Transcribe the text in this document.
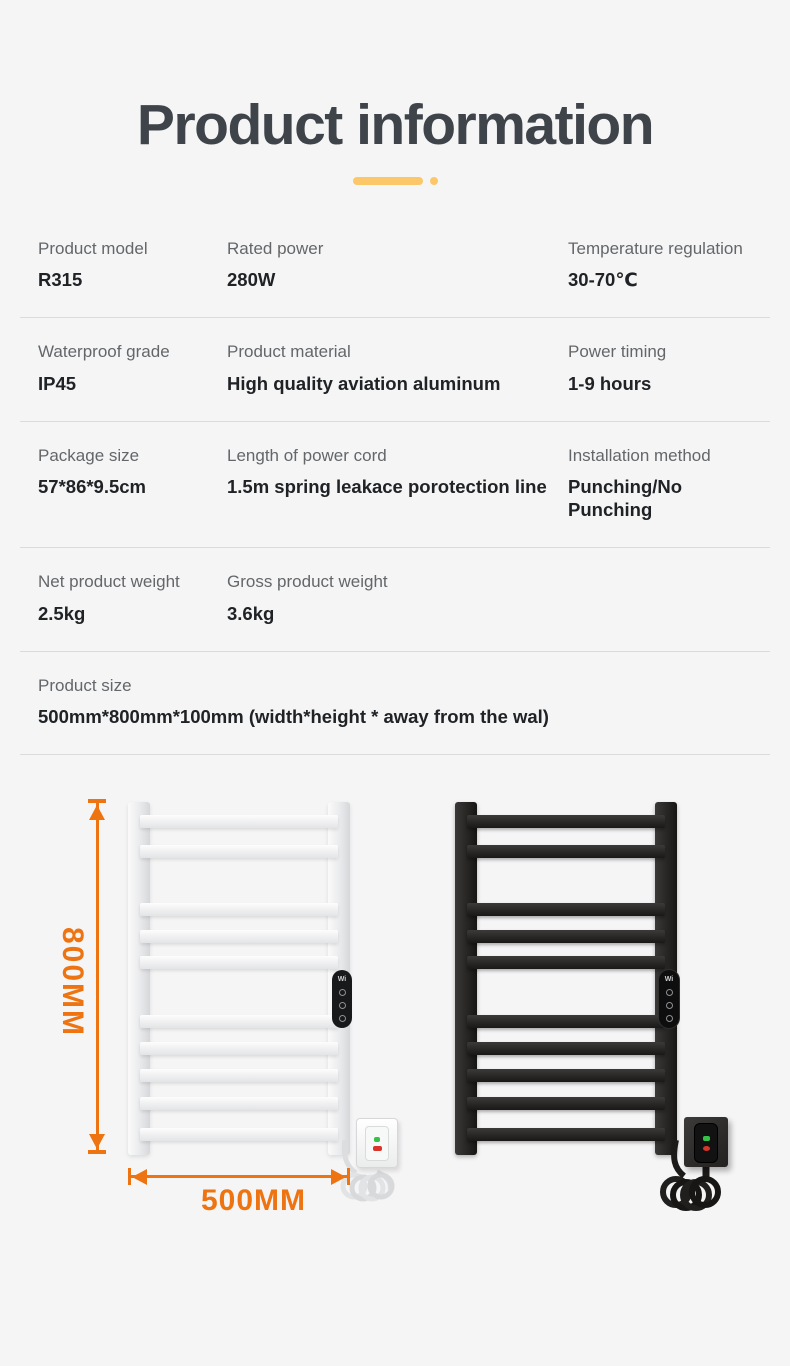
Product information
Product model
R315
Rated power
280W
Temperature regulation
30-70℃
Waterproof grade
IP45
Product material
High quality aviation aluminum
Power timing
1-9 hours
Package size
57*86*9.5cm
Length of power cord
1.5m spring leakace porotection line
Installation method
Punching/No Punching
Net product weight
2.5kg
Gross product weight
3.6kg
Product size
500mm*800mm*100mm (width*height * away from the wal)
800MM	Wi	Wi
500MM
